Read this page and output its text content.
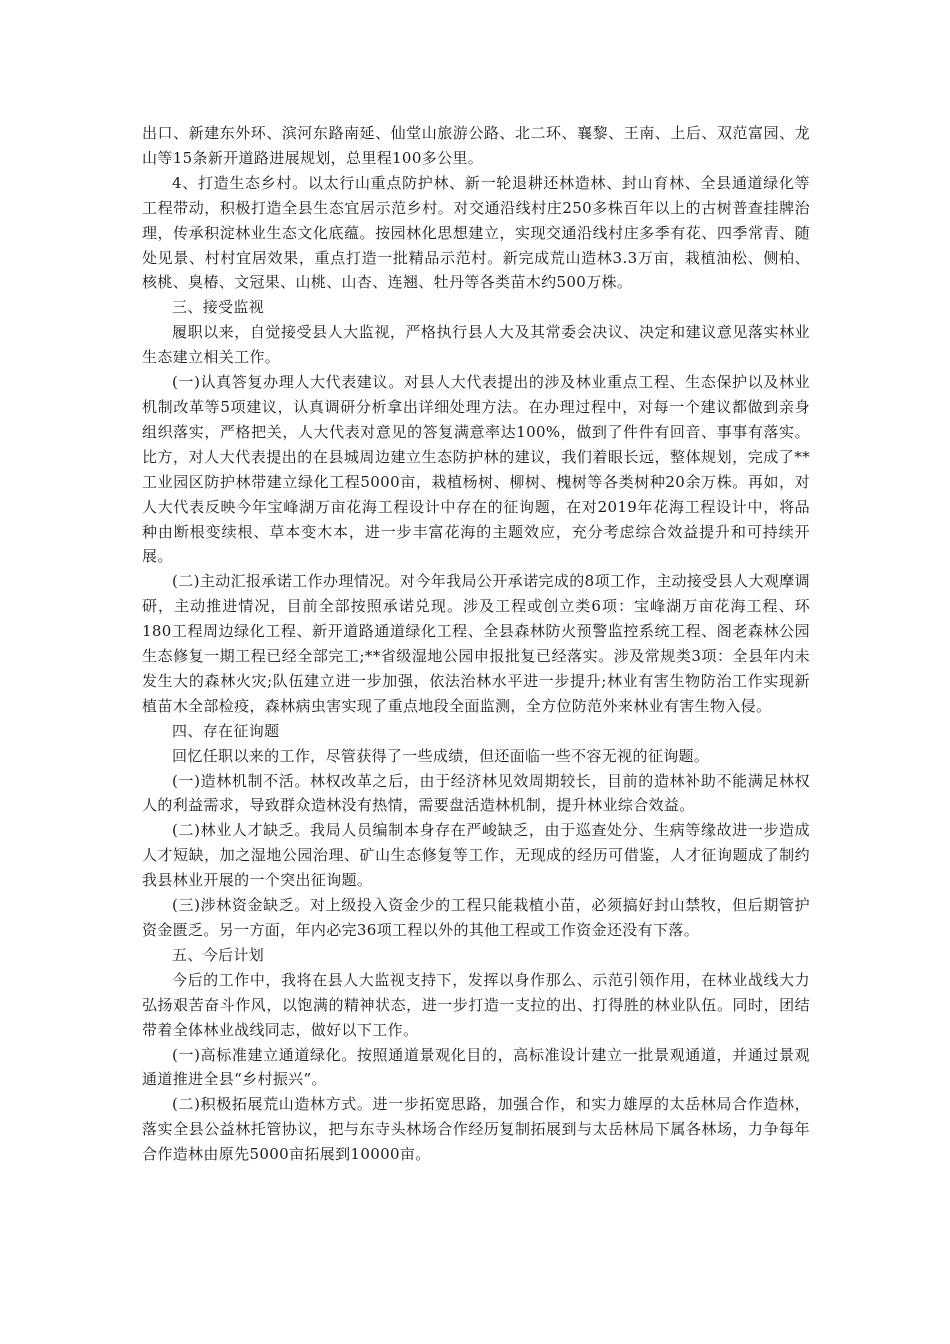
出口、新建东外环、滨河东路南延、仙堂山旅游公路、北二环、襄黎、王南、上后、双范富园、龙山等15条新开道路进展规划，总里程100多公里。

4、打造生态乡村。以太行山重点防护林、新一轮退耕还林造林、封山育林、全县通道绿化等工程带动，积极打造全县生态宜居示范乡村。对交通沿线村庄250多株百年以上的古树普查挂牌治理，传承积淀林业生态文化底蕴。按园林化思想建立，实现交通沿线村庄多季有花、四季常青、随处见景、村村宜居效果，重点打造一批精品示范村。新完成荒山造林3.3万亩，栽植油松、侧柏、核桃、臭椿、文冠果、山桃、山杏、连翘、牡丹等各类苗木约500万株。

三、接受监视

履职以来，自觉接受县人大监视，严格执行县人大及其常委会决议、决定和建议意见落实林业生态建立相关工作。

(一)认真答复办理人大代表建议。对县人大代表提出的涉及林业重点工程、生态保护以及林业机制改革等5项建议，认真调研分析拿出详细处理方法。在办理过程中，对每一个建议都做到亲身组织落实，严格把关，人大代表对意见的答复满意率达100%，做到了件件有回音、事事有落实。比方，对人大代表提出的在县城周边建立生态防护林的建议，我们着眼长远，整体规划，完成了**工业园区防护林带建立绿化工程5000亩，栽植杨树、柳树、槐树等各类树种20余万株。再如，对人大代表反映今年宝峰湖万亩花海工程设计中存在的征询题，在对2019年花海工程设计中，将品种由断根变续根、草本变木本，进一步丰富花海的主题效应，充分考虑综合效益提升和可持续开展。

(二)主动汇报承诺工作办理情况。对今年我局公开承诺完成的8项工作，主动接受县人大观摩调研，主动推进情况，目前全部按照承诺兑现。涉及工程或创立类6项：宝峰湖万亩花海工程、环180工程周边绿化工程、新开道路通道绿化工程、全县森林防火预警监控系统工程、阁老森林公园生态修复一期工程已经全部完工;**省级湿地公园申报批复已经落实。涉及常规类3项：全县年内未发生大的森林火灾;队伍建立进一步加强，依法治林水平进一步提升;林业有害生物防治工作实现新植苗木全部检疫，森林病虫害实现了重点地段全面监测，全方位防范外来林业有害生物入侵。

四、存在征询题

回忆任职以来的工作，尽管获得了一些成绩，但还面临一些不容无视的征询题。

(一)造林机制不活。林权改革之后，由于经济林见效周期较长，目前的造林补助不能满足林权人的利益需求，导致群众造林没有热情，需要盘活造林机制，提升林业综合效益。

(二)林业人才缺乏。我局人员编制本身存在严峻缺乏，由于巡查处分、生病等缘故进一步造成人才短缺，加之湿地公园治理、矿山生态修复等工作，无现成的经历可借鉴，人才征询题成了制约我县林业开展的一个突出征询题。

(三)涉林资金缺乏。对上级投入资金少的工程只能栽植小苗，必须搞好封山禁牧，但后期管护资金匮乏。另一方面，年内必完36项工程以外的其他工程或工作资金还没有下落。

五、今后计划

今后的工作中，我将在县人大监视支持下，发挥以身作那么、示范引领作用，在林业战线大力弘扬艰苦奋斗作风，以饱满的精神状态，进一步打造一支拉的出、打得胜的林业队伍。同时，团结带着全体林业战线同志，做好以下工作。

(一)高标准建立通道绿化。按照通道景观化目的，高标准设计建立一批景观通道，并通过景观通道推进全县“乡村振兴”。

(二)积极拓展荒山造林方式。进一步拓宽思路，加强合作，和实力雄厚的太岳林局合作造林，落实全县公益林托管协议，把与东寺头林场合作经历复制拓展到与太岳林局下属各林场，力争每年合作造林由原先5000亩拓展到10000亩。
